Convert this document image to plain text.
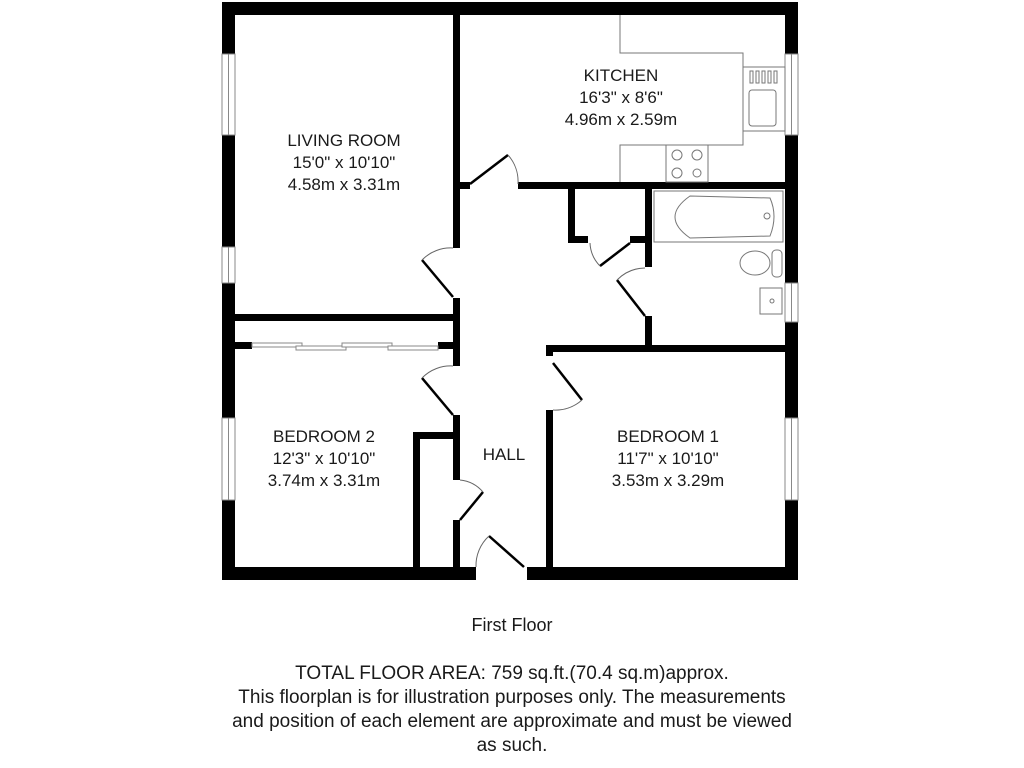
LIVING ROOM
15'0" x 10'10"
4.58m x 3.31m
KITCHEN
16'3" x 8'6"
4.96m x 2.59m
BEDROOM 2
12'3" x 10'10"
3.74m x 3.31m
BEDROOM 1
11'7" x 10'10"
3.53m x 3.29m
HALL
First Floor
TOTAL FLOOR AREA: 759 sq.ft.(70.4 sq.m)approx.
This floorplan is for illustration purposes only. The measurements
and position of each element are approximate and must be viewed
as such.
